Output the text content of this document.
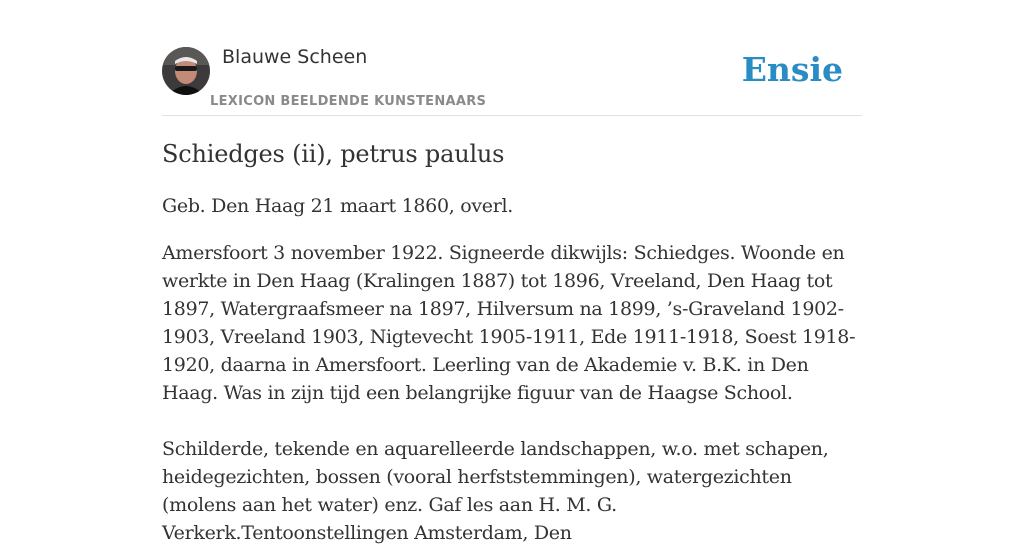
Blauwe Scheen
LEXICON BEELDENDE KUNSTENAARS
Ensie
Schiedges (ii), petrus paulus

Geb. Den Haag 21 maart 1860, overl.

Amersfoort 3 november 1922. Signeerde dikwijls: Schiedges. Woonde en werkte in Den Haag (Kralingen 1887) tot 1896, Vreeland, Den Haag tot 1897, Watergraafsmeer na 1897, Hilversum na 1899, ’s-Graveland 1902-1903, Vreeland 1903, Nigtevecht 1905-1911, Ede 1911-1918, Soest 1918-1920, daarna in Amersfoort. Leerling van de Akademie v. B.K. in Den Haag. Was in zijn tijd een belangrijke figuur van de Haagse School.

Schilderde, tekende en aquarelleerde landschappen, w.o. met schapen, heidegezichten, bossen (vooral herfststemmingen), watergezichten (molens aan het water) enz. Gaf les aan H. M. G. Verkerk.Tentoonstellingen Amsterdam, Den
